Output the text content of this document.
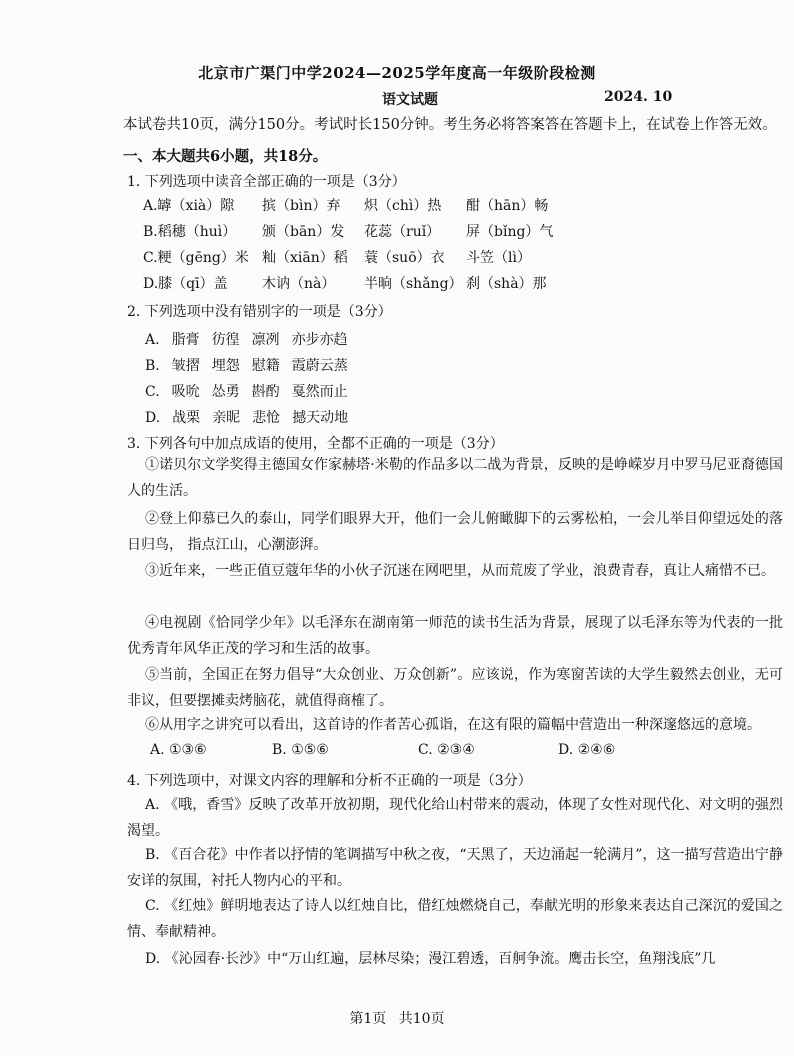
北京市广渠门中学2024—2025学年度高一年级阶段检测
语文试题	2024. 10
本试卷共10页，满分150分。考试时长150分钟。考生务必将答案答在答题卡上，在试卷上作答无效。
一、本大题共6小题，共18分。
1. 下列选项中读音全部正确的一项是（3分）
A.罅（xià）隙 摈（bìn）弃 炽（chì）热 酣（hān）畅
B.稻穗（huì） 颁（bān）发 花蕊（ruǐ） 屏（bǐng）气
C.粳（gēng）米 籼（xiān）稻 蓑（suō）衣 斗笠（lì）
D.膝（qī）盖 木讷（nà） 半晌（shǎng） 刹（shà）那
2. 下列选项中没有错别字的一项是（3分）
A. 脂膏 彷徨 凛冽 亦步亦趋
B. 皱摺 埋怨 慰籍 霞蔚云蒸
C. 吸吮 怂勇 斟酌 戛然而止
D. 战栗 亲昵 悲怆 撼天动地
3. 下列各句中加点成语的使用，全都不正确的一项是（3分）
①诺贝尔文学奖得主德国女作家赫塔·米勒的作品多以二战为背景，反映的是峥嵘岁月中罗马尼亚裔德国人的生活。
②登上仰慕已久的泰山，同学们眼界大开，他们一会儿俯瞰脚下的云雾松柏，一会儿举目仰望远处的落日归鸟， 指点江山，心潮澎湃。
③近年来，一些正值豆蔻年华的小伙子沉迷在网吧里，从而荒废了学业，浪费青春，真让人痛惜不已。
④电视剧《恰同学少年》以毛泽东在湖南第一师范的读书生活为背景，展现了以毛泽东等为代表的一批优秀青年风华正茂的学习和生活的故事。
⑤当前，全国正在努力倡导“大众创业、万众创新”。应该说，作为寒窗苦读的大学生毅然去创业，无可非议，但要摆摊卖烤脑花，就值得商榷了。
⑥从用字之讲究可以看出，这首诗的作者苦心孤诣，在这有限的篇幅中营造出一种深邃悠远的意境。
A. ①③⑥	B. ①⑤⑥	C. ②③④	D. ②④⑥
4. 下列选项中，对课文内容的理解和分析不正确的一项是（3分）
A. 《哦，香雪》反映了改革开放初期，现代化给山村带来的震动，体现了女性对现代化、对文明的强烈渴望。
B. 《百合花》中作者以抒情的笔调描写中秋之夜，“天黑了，天边涌起一轮满月”，这一描写营造出宁静安详的氛围，衬托人物内心的平和。
C. 《红烛》鲜明地表达了诗人以红烛自比，借红烛燃烧自己，奉献光明的形象来表达自己深沉的爱国之情、奉献精神。
D. 《沁园春·长沙》中“万山红遍，层林尽染；漫江碧透，百舸争流。鹰击长空，鱼翔浅底”几
第1页 共10页
